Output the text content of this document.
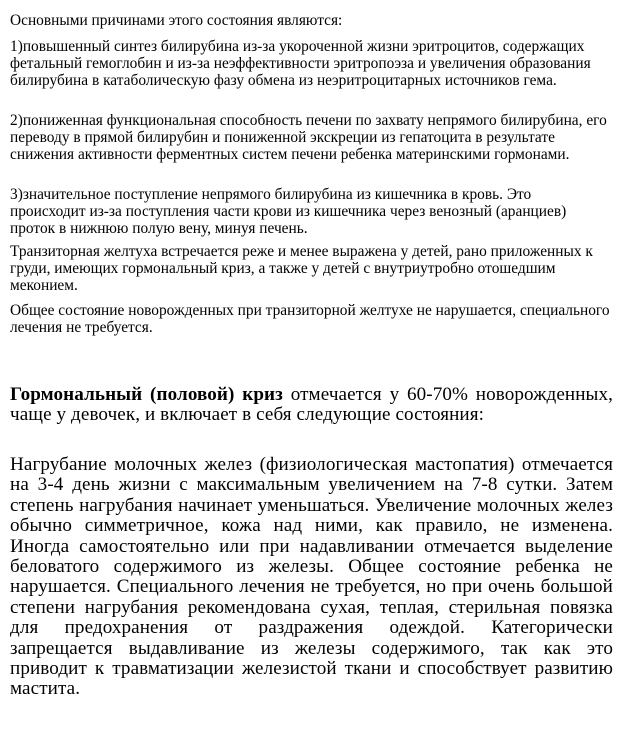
Основными причинами этого состояния являются:

1)повышенный синтез билирубина из-за укороченной жизни эритроцитов, содержащих фетальный гемоглобин и из-за неэффективности эритропоэза и увеличения образования билирубина в катаболическую фазу обмена из неэритроцитарных источников гема.

2)пониженная функциональная способность печени по захвату непрямого билирубина, его переводу в прямой билирубин и пониженной экскреции из гепатоцита в результате снижения активности ферментных систем печени ребенка материнскими гормонами.

3)значительное поступление непрямого билирубина из кишечника в кровь. Это происходит из-за поступления части крови из кишечника через венозный (аранциев) проток в нижнюю полую вену, минуя печень.

Транзиторная желтуха встречается реже и менее выражена у детей, рано приложенных к груди, имеющих гормональный криз, а также у детей с внутриутробно отошедшим меконием.

Общее состояние новорожденных при транзиторной желтухе не нарушается, специального лечения не требуется.

Гормональный (половой) криз отмечается у 60-70% новорожденных, чаще у девочек, и включает в себя следующие состояния:

Нагрубание молочных желез (физиологическая мастопатия) отмечается на 3-4 день жизни с максимальным увеличением на 7-8 сутки. Затем степень нагрубания начинает уменьшаться. Увеличение молочных желез обычно симметричное, кожа над ними, как правило, не изменена. Иногда самостоятельно или при надавливании отмечается выделение беловатого содержимого из железы. Общее состояние ребенка не нарушается. Специального лечения не требуется, но при очень большой степени нагрубания рекомендована сухая, теплая, стерильная повязка для предохранения от раздражения одеждой. Категорически запрещается выдавливание из железы содержимого, так как это приводит к травматизации железистой ткани и способствует развитию мастита.
